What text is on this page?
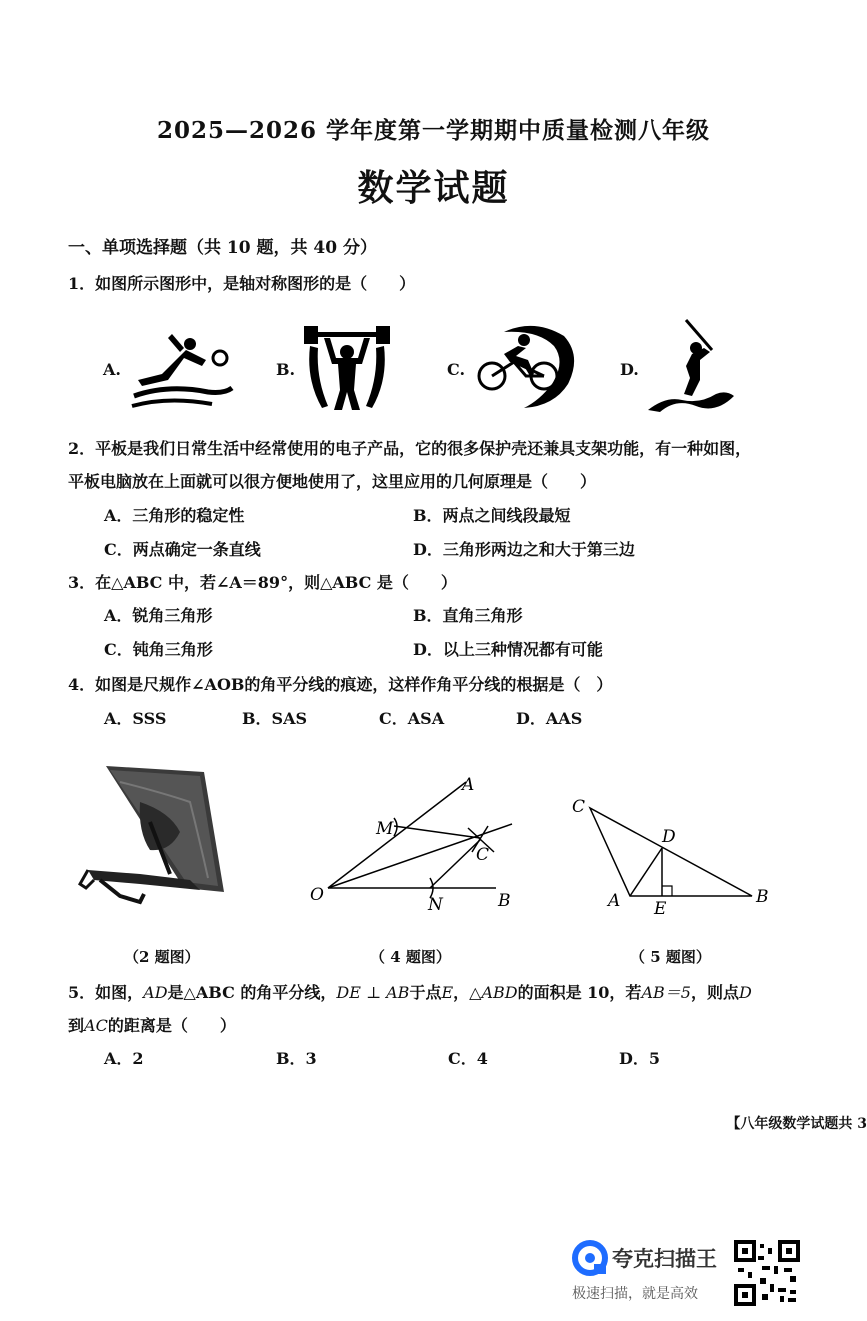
2025—2026 学年度第一学期期中质量检测八年级
数学试题
一、单项选择题（共 10 题，共 40 分）
1．如图所示图形中，是轴对称图形的是（　　）
A.	B.	C.	D.
2．平板是我们日常生活中经常使用的电子产品，它的很多保护壳还兼具支架功能，有一种如图，
平板电脑放在上面就可以很方便地使用了，这里应用的几何原理是（　　）
A．三角形的稳定性	B．两点之间线段最短
C．两点确定一条直线	D．三角形两边之和大于第三边
3．在△ABC 中，若∠A＝89°，则△ABC 是（　　）
A．锐角三角形	B．直角三角形
C．钝角三角形	D．以上三种情况都有可能
4．如图是尺规作∠AOB的角平分线的痕迹，这样作角平分线的根据是（　）
A．SSS	B．SAS	C．ASA	D．AAS
A
M
C
O	N	B
C
D
A E
B
（2 题图）	（ 4 题图）	（ 5 题图）
5．如图，AD是△ABC 的角平分线，DE ⊥ AB于点E，△ABD的面积是 10，若AB＝5，则点D
到AC的距离是（　　）
A．2	B．3	C．4	D．5
【八年级数学试题共 3
夸克扫描王
极速扫描，就是高效
